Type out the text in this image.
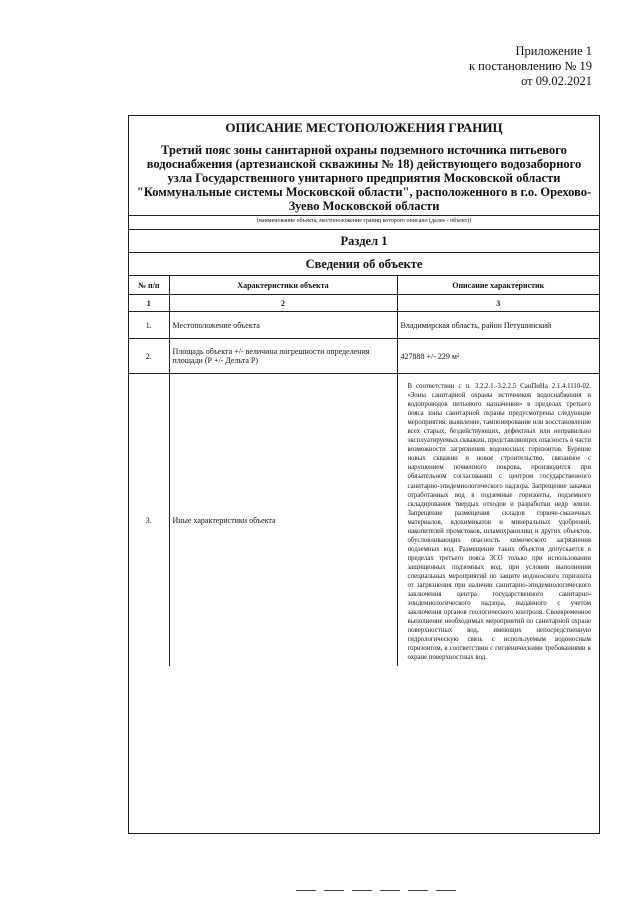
Приложение 1
к постановлению № 19
от 09.02.2021
ОПИСАНИЕ МЕСТОПОЛОЖЕНИЯ ГРАНИЦ
Третий пояс зоны санитарной охраны подземного источника питьевого водоснабжения (артезианской скважины № 18) действующего водозаборного узла Государственного унитарного предприятия Московской области "Коммунальные системы Московской области", расположенного в г.о. Орехово-Зуево Московской области
(наименование объекта, местоположение границ которого описано (далее - объект))
Раздел 1
Сведения об объекте
№ п/п	Характеристики объекта	Описание характеристик
1	2	3
1.	Местоположение объекта	Владимирская область, район Петушинский
2.	Площадь объекта +/- величина погрешности определения площади (Р +/- Дельта Р)	427888 +/- 229 м²
3.	Иные характеристики объекта	В соответствии с п. 3.2.2.1.-3.2.2.5 СанПиНа 2.1.4.1110-02. «Зоны санитарной охраны источников водоснабжения и водопроводов питьевого назначения» в пределах третьего пояса зоны санитарной охраны предусмотрены следующие мероприятия: выявление, тампонирование или восстановление всех старых, бездействующих, дефектных или неправильно эксплуатируемых скважин, представляющих опасность в части возможности загрязнения водоносных горизонтов. Бурение новых скважин и новое строительство, связанное с нарушением почвенного покрова, производится при обязательном согласовании с центром государственного санитарно-эпидемиологического надзора. Запрещение закачки отработанных вод в подземные горизонты, подземного складирования твердых отходов и разработки недр земли. Запрещение размещения складов горюче-смазочных материалов, ядохимикатов и минеральных удобрений, накопителей промстоков, шламохранилищ и других объектов, обусловливающих опасность химического загрязнения подземных вод. Размещение таких объектов допускается в пределах третьего пояса ЗСО только при использовании защищенных подземных вод, при условии выполнения специальных мероприятий по защите водоносного горизонта от загрязнения при наличии санитарно-эпидемиологического заключения центра государственного санитарно-эпидемиологического надзора, выданного с учетом заключения органов геологического контроля. Своевременное выполнение необходимых мероприятий по санитарной охране поверхностных вод, имеющих непосредственную гидрологическую связь с используемым водоносным горизонтом, в соответствии с гигиеническими требованиями к охране поверхностных вод.
